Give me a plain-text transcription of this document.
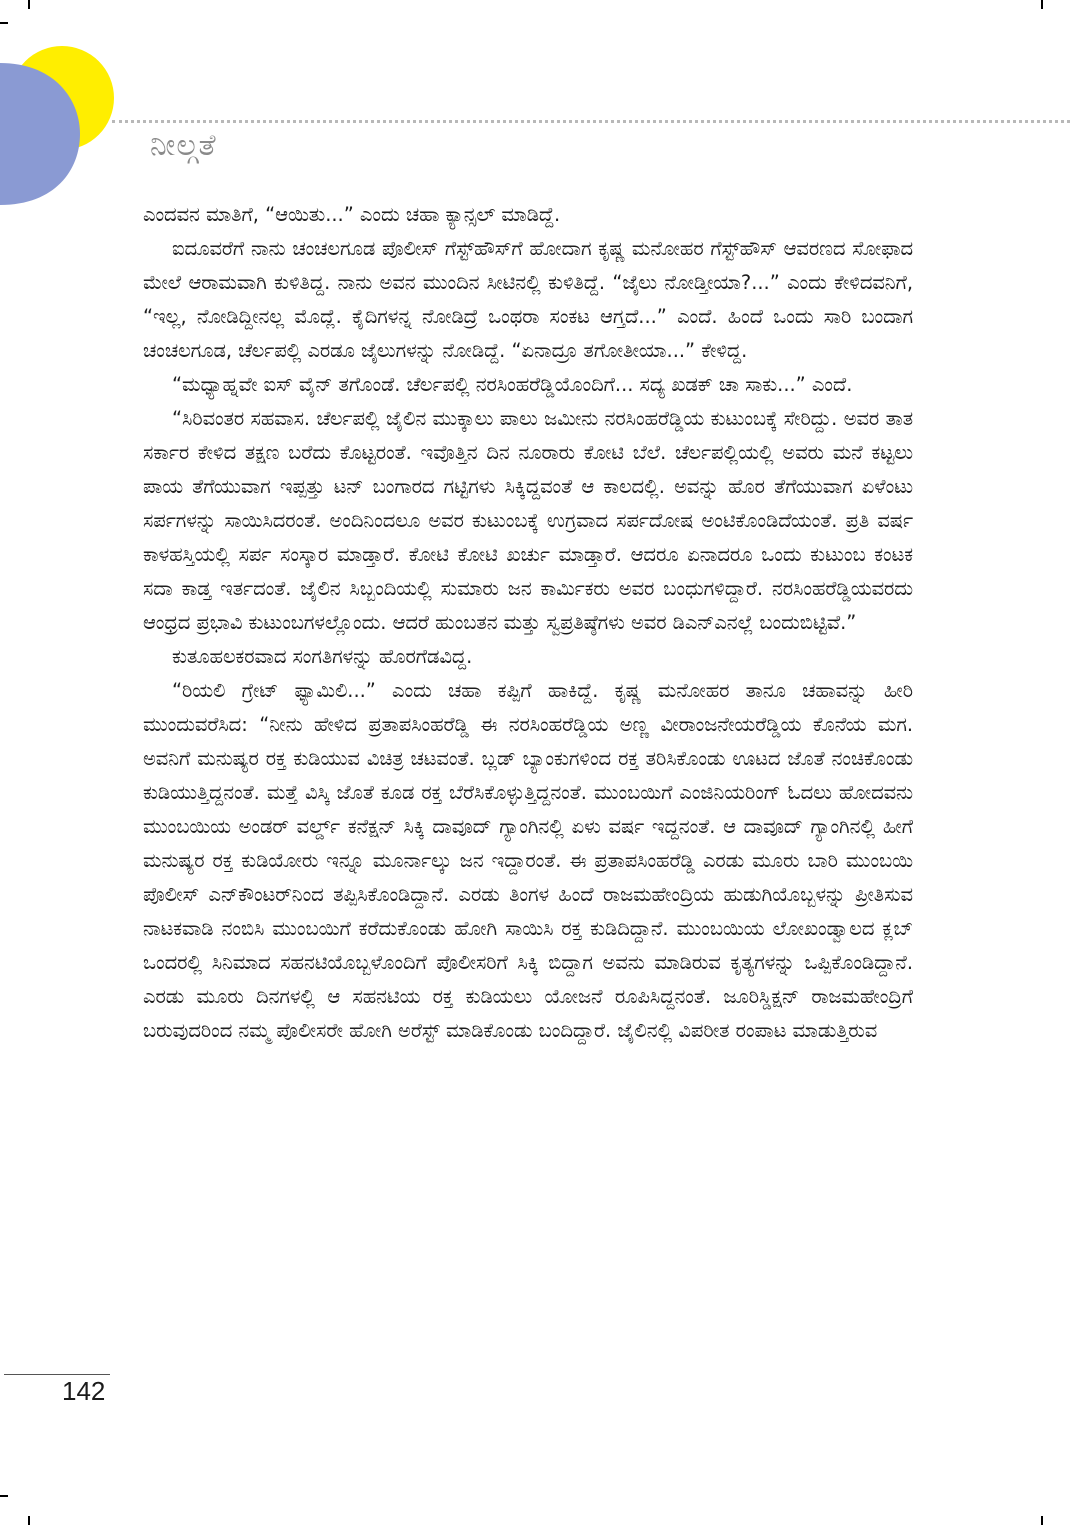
ನೀಲ್ಗತೆ

ಎಂದವನ ಮಾತಿಗೆ, “ಆಯಿತು...” ಎಂದು ಚಹಾ ಕ್ಯಾನ್ಸಲ್ ಮಾಡಿದ್ದೆ.

ಐದೂವರೆಗೆ ನಾನು ಚಂಚಲಗೂಡ ಪೊಲೀಸ್ ಗೆಸ್ಟ್‌ಹೌಸ್‌ಗೆ ಹೋದಾಗ ಕೃಷ್ಣ ಮನೋಹರ ಗೆಸ್ಟ್‌ಹೌಸ್ ಆವರಣದ ಸೋಫಾದ ಮೇಲೆ ಆರಾಮವಾಗಿ ಕುಳಿತಿದ್ದ. ನಾನು ಅವನ ಮುಂದಿನ ಸೀಟಿನಲ್ಲಿ ಕುಳಿತಿದ್ದೆ. “ಜೈಲು ನೋಡ್ತೀಯಾ?...” ಎಂದು ಕೇಳಿದವನಿಗೆ, “ಇಲ್ಲ, ನೋಡಿದ್ದೀನಲ್ಲ ಮೊದ್ಲೆ. ಕೈದಿಗಳನ್ನ ನೋಡಿದ್ರೆ ಒಂಥರಾ ಸಂಕಟ ಆಗ್ತದೆ...” ಎಂದೆ. ಹಿಂದೆ ಒಂದು ಸಾರಿ ಬಂದಾಗ ಚಂಚಲಗೂಡ, ಚೆರ್ಲಪಲ್ಲಿ ಎರಡೂ ಜೈಲುಗಳನ್ನು ನೋಡಿದ್ದೆ. “ಏನಾದ್ರೂ ತಗೋತೀಯಾ...” ಕೇಳಿದ್ದ.

“ಮಧ್ಯಾಹ್ನವೇ ಐಸ್ ವೈನ್ ತಗೊಂಡೆ. ಚೆರ್ಲಪಲ್ಲಿ ನರಸಿಂಹರೆಡ್ಡಿಯೊಂದಿಗೆ... ಸದ್ಯ ಖಡಕ್ ಚಾ ಸಾಕು...” ಎಂದೆ.

“ಸಿರಿವಂತರ ಸಹವಾಸ. ಚೆರ್ಲಪಲ್ಲಿ ಜೈಲಿನ ಮುಕ್ಕಾಲು ಪಾಲು ಜಮೀನು ನರಸಿಂಹರೆಡ್ಡಿಯ ಕುಟುಂಬಕ್ಕೆ ಸೇರಿದ್ದು. ಅವರ ತಾತ ಸರ್ಕಾರ ಕೇಳಿದ ತಕ್ಷಣ ಬರೆದು ಕೊಟ್ಟರಂತೆ. ಇವೊತ್ತಿನ ದಿನ ನೂರಾರು ಕೋಟಿ ಬೆಲೆ. ಚೆರ್ಲಪಲ್ಲಿಯಲ್ಲಿ ಅವರು ಮನೆ ಕಟ್ಟಲು ಪಾಯ ತೆಗೆಯುವಾಗ ಇಪ್ಪತ್ತು ಟನ್ ಬಂಗಾರದ ಗಟ್ಟಿಗಳು ಸಿಕ್ಕಿದ್ದವಂತೆ ಆ ಕಾಲದಲ್ಲಿ. ಅವನ್ನು ಹೊರ ತೆಗೆಯುವಾಗ ಏಳೆಂಟು ಸರ್ಪಗಳನ್ನು ಸಾಯಿಸಿದರಂತೆ. ಅಂದಿನಿಂದಲೂ ಅವರ ಕುಟುಂಬಕ್ಕೆ ಉಗ್ರವಾದ ಸರ್ಪದೋಷ ಅಂಟಿಕೊಂಡಿದೆಯಂತೆ. ಪ್ರತಿ ವರ್ಷ ಕಾಳಹಸ್ತಿಯಲ್ಲಿ ಸರ್ಪ ಸಂಸ್ಕಾರ ಮಾಡ್ತಾರೆ. ಕೋಟಿ ಕೋಟಿ ಖರ್ಚು ಮಾಡ್ತಾರೆ. ಆದರೂ ಏನಾದರೂ ಒಂದು ಕುಟುಂಬ ಕಂಟಕ ಸದಾ ಕಾಡ್ತ ಇರ್ತದಂತೆ. ಜೈಲಿನ ಸಿಬ್ಬಂದಿಯಲ್ಲಿ ಸುಮಾರು ಜನ ಕಾರ್ಮಿಕರು ಅವರ ಬಂಧುಗಳಿದ್ದಾರೆ. ನರಸಿಂಹರೆಡ್ಡಿಯವರದು ಆಂಧ್ರದ ಪ್ರಭಾವಿ ಕುಟುಂಬಗಳಲ್ಲೊಂದು. ಆದರೆ ಹುಂಬತನ ಮತ್ತು ಸ್ವಪ್ರತಿಷ್ಠೆಗಳು ಅವರ ಡಿಎನ್‌ಎನಲ್ಲೆ ಬಂದುಬಿಟ್ಟಿವೆ.”

ಕುತೂಹಲಕರವಾದ ಸಂಗತಿಗಳನ್ನು ಹೊರಗೆಡವಿದ್ದ.

“ರಿಯಲಿ ಗ್ರೇಟ್ ಫ್ಯಾಮಿಲಿ...” ಎಂದು ಚಹಾ ಕಪ್ಪಿಗೆ ಹಾಕಿದ್ದೆ. ಕೃಷ್ಣ ಮನೋಹರ ತಾನೂ ಚಹಾವನ್ನು ಹೀರಿ ಮುಂದುವರೆಸಿದ: “ನೀನು ಹೇಳಿದ ಪ್ರತಾಪಸಿಂಹರೆಡ್ಡಿ ಈ ನರಸಿಂಹರೆಡ್ಡಿಯ ಅಣ್ಣ ವೀರಾಂಜನೇಯರೆಡ್ಡಿಯ ಕೊನೆಯ ಮಗ. ಅವನಿಗೆ ಮನುಷ್ಯರ ರಕ್ತ ಕುಡಿಯುವ ವಿಚಿತ್ರ ಚಟವಂತೆ. ಬ್ಲಡ್ ಬ್ಯಾಂಕುಗಳಿಂದ ರಕ್ತ ತರಿಸಿಕೊಂಡು ಊಟದ ಜೊತೆ ನಂಚಿಕೊಂಡು ಕುಡಿಯುತ್ತಿದ್ದನಂತೆ. ಮತ್ತೆ ವಿಸ್ಕಿ ಜೊತೆ ಕೂಡ ರಕ್ತ ಬೆರೆಸಿಕೊಳ್ಳುತ್ತಿದ್ದನಂತೆ. ಮುಂಬಯಿಗೆ ಎಂಜಿನಿಯರಿಂಗ್ ಓದಲು ಹೋದವನು ಮುಂಬಯಿಯ ಅಂಡರ್ ವರ್ಲ್ಡ್ ಕನೆಕ್ಷನ್ ಸಿಕ್ಕಿ ದಾವೂದ್ ಗ್ಯಾಂಗಿನಲ್ಲಿ ಏಳು ವರ್ಷ ಇದ್ದನಂತೆ. ಆ ದಾವೂದ್ ಗ್ಯಾಂಗಿನಲ್ಲಿ ಹೀಗೆ ಮನುಷ್ಯರ ರಕ್ತ ಕುಡಿಯೋರು ಇನ್ನೂ ಮೂರ್ನಾಲ್ಕು ಜನ ಇದ್ದಾರಂತೆ. ಈ ಪ್ರತಾಪಸಿಂಹರೆಡ್ಡಿ ಎರಡು ಮೂರು ಬಾರಿ ಮುಂಬಯಿ ಪೊಲೀಸ್ ಎನ್‌ಕೌಂಟರ್‌ನಿಂದ ತಪ್ಪಿಸಿಕೊಂಡಿದ್ದಾನೆ. ಎರಡು ತಿಂಗಳ ಹಿಂದೆ ರಾಜಮಹೇಂದ್ರಿಯ ಹುಡುಗಿಯೊಬ್ಬಳನ್ನು ಪ್ರೀತಿಸುವ ನಾಟಕವಾಡಿ ನಂಬಿಸಿ ಮುಂಬಯಿಗೆ ಕರೆದುಕೊಂಡು ಹೋಗಿ ಸಾಯಿಸಿ ರಕ್ತ ಕುಡಿದಿದ್ದಾನೆ. ಮುಂಬಯಿಯ ಲೋಖಂಡ್ವಾಲದ ಕ್ಲಬ್ ಒಂದರಲ್ಲಿ ಸಿನಿಮಾದ ಸಹನಟಿಯೊಬ್ಬಳೊಂದಿಗೆ ಪೊಲೀಸರಿಗೆ ಸಿಕ್ಕಿ ಬಿದ್ದಾಗ ಅವನು ಮಾಡಿರುವ ಕೃತ್ಯಗಳನ್ನು ಒಪ್ಪಿಕೊಂಡಿದ್ದಾನೆ. ಎರಡು ಮೂರು ದಿನಗಳಲ್ಲಿ ಆ ಸಹನಟಿಯ ರಕ್ತ ಕುಡಿಯಲು ಯೋಜನೆ ರೂಪಿಸಿದ್ದನಂತೆ. ಜೂರಿಸ್ಡಿಕ್ಷನ್ ರಾಜಮಹೇಂದ್ರಿಗೆ ಬರುವುದರಿಂದ ನಮ್ಮ ಪೊಲೀಸರೇ ಹೋಗಿ ಅರೆಸ್ಟ್ ಮಾಡಿಕೊಂಡು ಬಂದಿದ್ದಾರೆ. ಜೈಲಿನಲ್ಲಿ ವಿಪರೀತ ರಂಪಾಟ ಮಾಡುತ್ತಿರುವ

142
